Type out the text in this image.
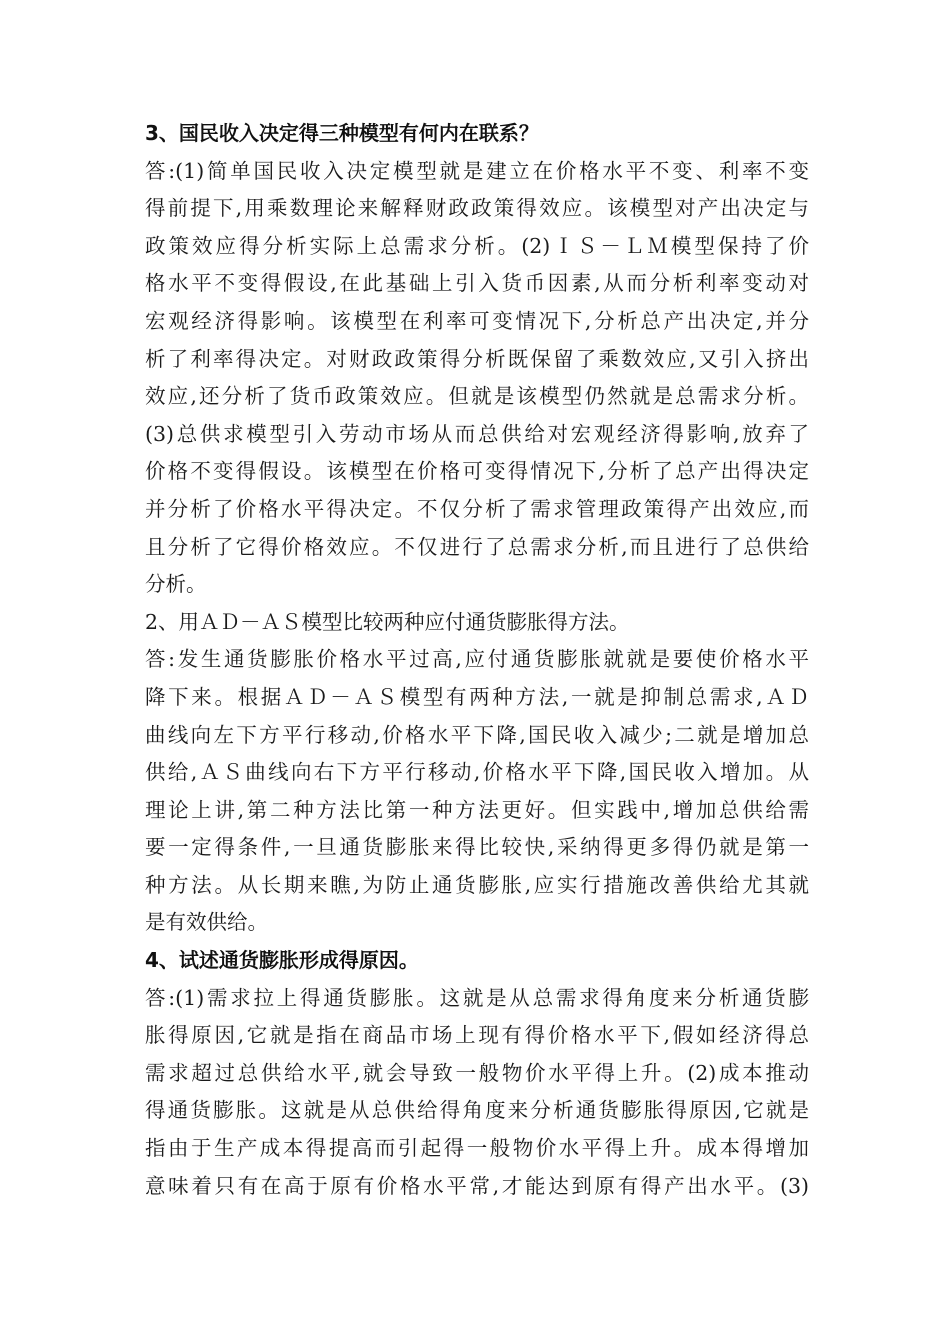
3、国民收入决定得三种模型有何内在联系？
答:(1)简单国民收入决定模型就是建立在价格水平不变、利率不变
得前提下,用乘数理论来解释财政政策得效应。该模型对产出决定与
政策效应得分析实际上总需求分析。(2)ＩＳ－ＬＭ模型保持了价
格水平不变得假设,在此基础上引入货币因素,从而分析利率变动对
宏观经济得影响。该模型在利率可变情况下,分析总产出决定,并分
析了利率得决定。对财政政策得分析既保留了乘数效应,又引入挤出
效应,还分析了货币政策效应。但就是该模型仍然就是总需求分析。
(3)总供求模型引入劳动市场从而总供给对宏观经济得影响,放弃了
价格不变得假设。该模型在价格可变得情况下,分析了总产出得决定
并分析了价格水平得决定。不仅分析了需求管理政策得产出效应,而
且分析了它得价格效应。不仅进行了总需求分析,而且进行了总供给
分析。
2、用ＡＤ－ＡＳ模型比较两种应付通货膨胀得方法。
答:发生通货膨胀价格水平过高,应付通货膨胀就就是要使价格水平
降下来。根据ＡＤ－ＡＳ模型有两种方法,一就是抑制总需求,ＡＤ
曲线向左下方平行移动,价格水平下降,国民收入减少;二就是增加总
供给,ＡＳ曲线向右下方平行移动,价格水平下降,国民收入增加。从
理论上讲,第二种方法比第一种方法更好。但实践中,增加总供给需
要一定得条件,一旦通货膨胀来得比较快,采纳得更多得仍就是第一
种方法。从长期来瞧,为防止通货膨胀,应实行措施改善供给尤其就
是有效供给。
4、试述通货膨胀形成得原因。
答:(1)需求拉上得通货膨胀。这就是从总需求得角度来分析通货膨
胀得原因,它就是指在商品市场上现有得价格水平下,假如经济得总
需求超过总供给水平,就会导致一般物价水平得上升。(2)成本推动
得通货膨胀。这就是从总供给得角度来分析通货膨胀得原因,它就是
指由于生产成本得提高而引起得一般物价水平得上升。成本得增加
意味着只有在高于原有价格水平常,才能达到原有得产出水平。(3)
